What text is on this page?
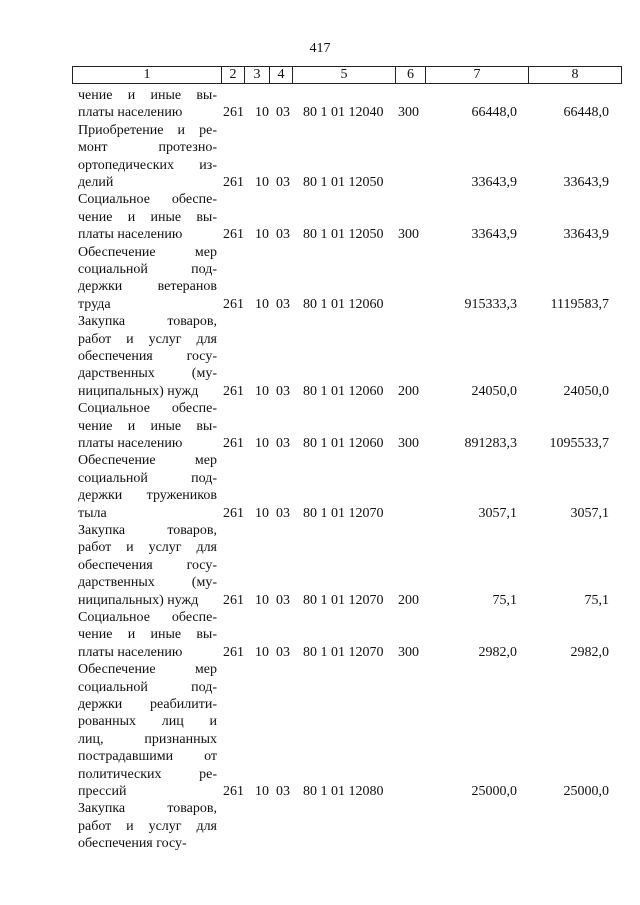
417
1	2	3	4	5	6	7	8
чение и иные вы-
платы населению	261 10 03 80 1 01 12040 300	66448,0	66448,0
Приобретение и ре-
монт протезно-
ортопедических из-
делий	261 10 03 80 1 01 12050	33643,9	33643,9
Социальное обеспе-
чение и иные вы-
платы населению	261 10 03 80 1 01 12050 300	33643,9	33643,9
Обеспечение мер
социальной под-
держки ветеранов
труда	261 10 03 80 1 01 12060	915333,3 1119583,7
Закупка товаров,
работ и услуг для
обеспечения госу-
дарственных (му-
ниципальных) нужд	261 10 03 80 1 01 12060 200	24050,0	24050,0
Социальное обеспе-
чение и иные вы-
платы населению	261 10 03 80 1 01 12060 300	891283,3 1095533,7
Обеспечение мер
социальной под-
держки тружеников
тыла	261 10 03 80 1 01 12070	3057,1	3057,1
Закупка товаров,
работ и услуг для
обеспечения госу-
дарственных (му-
ниципальных) нужд	261 10 03 80 1 01 12070 200	75,1	75,1
Социальное обеспе-
чение и иные вы-
платы населению	261 10 03 80 1 01 12070 300	2982,0	2982,0
Обеспечение мер
социальной под-
держки реабилити-
рованных лиц и
лиц, признанных
пострадавшими от
политических ре-
прессий	261 10 03 80 1 01 12080	25000,0	25000,0
Закупка товаров,
работ и услуг для
обеспечения госу-
